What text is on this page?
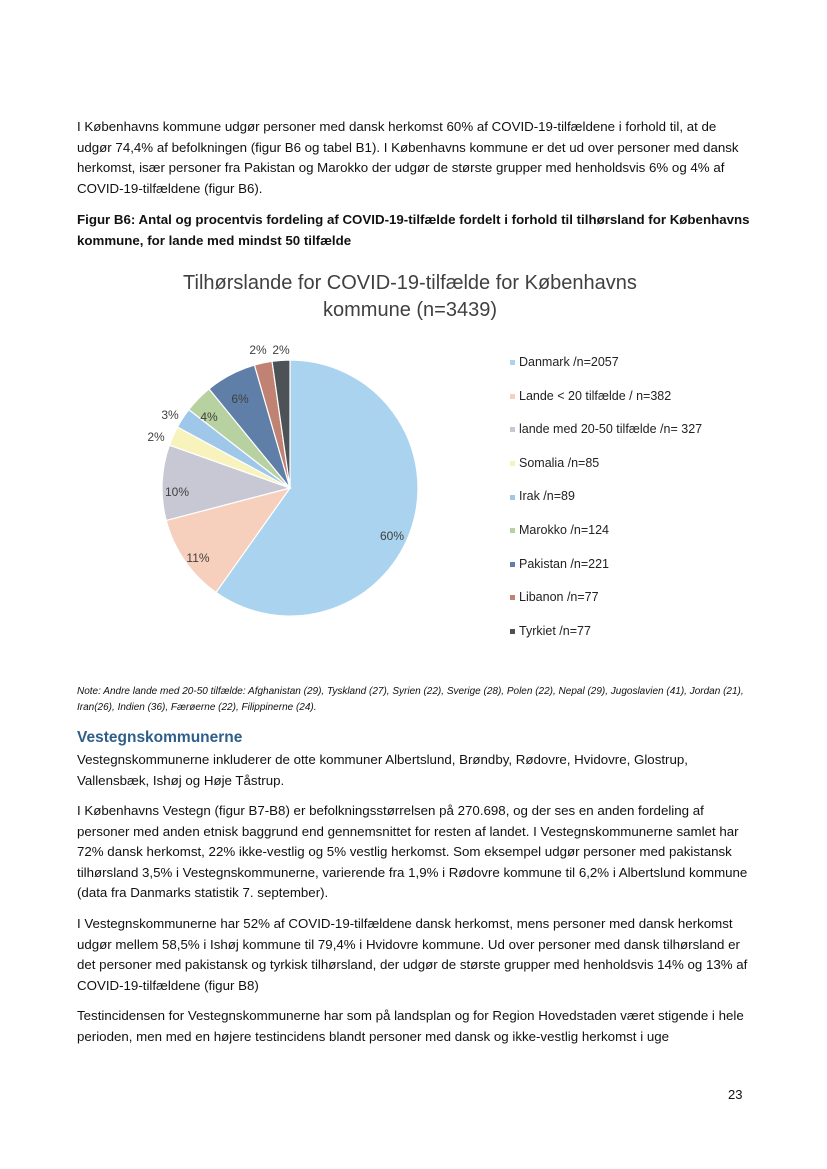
I Københavns kommune udgør personer med dansk herkomst 60% af COVID-19-tilfældene i forhold til, at de udgør 74,4% af befolkningen (figur B6 og tabel B1). I Københavns kommune er det ud over personer med dansk herkomst, især personer fra Pakistan og Marokko der udgør de største grupper med henholdsvis 6% og 4% af COVID-19-tilfældene (figur B6).

Figur B6: Antal og procentvis fordeling af COVID-19-tilfælde fordelt i forhold til tilhørsland for Københavns kommune, for lande med mindst 50 tilfælde

Tilhørslande for COVID-19-tilfælde for Københavns kommune (n=3439)
60%
11%
10%
2%
3% 4%
6%
2% 2%
Danmark /n=2057
Lande < 20 tilfælde / n=382
lande med 20-50 tilfælde /n= 327
Somalia /n=85
Irak /n=89
Marokko /n=124
Pakistan /n=221
Libanon /n=77
Tyrkiet /n=77

Note: Andre lande med 20-50 tilfælde: Afghanistan (29), Tyskland (27), Syrien (22), Sverige (28), Polen (22), Nepal (29), Jugoslavien (41), Jordan (21), Iran(26), Indien (36), Færøerne (22), Filippinerne (24).

Vestegnskommunerne

Vestegnskommunerne inkluderer de otte kommuner Albertslund, Brøndby, Rødovre, Hvidovre, Glostrup, Vallensbæk, Ishøj og Høje Tåstrup.

I Københavns Vestegn (figur B7-B8) er befolkningsstørrelsen på 270.698, og der ses en anden fordeling af personer med anden etnisk baggrund end gennemsnittet for resten af landet. I Vestegnskommunerne samlet har 72% dansk herkomst, 22% ikke-vestlig og 5% vestlig herkomst. Som eksempel udgør personer med pakistansk tilhørsland 3,5% i Vestegnskommunerne, varierende fra 1,9% i Rødovre kommune til 6,2% i Albertslund kommune (data fra Danmarks statistik 7. september).

I Vestegnskommunerne har 52% af COVID-19-tilfældene dansk herkomst, mens personer med dansk herkomst udgør mellem 58,5% i Ishøj kommune til 79,4% i Hvidovre kommune. Ud over personer med dansk tilhørsland er det personer med pakistansk og tyrkisk tilhørsland, der udgør de største grupper med henholdsvis 14% og 13% af COVID-19-tilfældene (figur B8)

Testincidensen for Vestegnskommunerne har som på landsplan og for Region Hovedstaden været stigende i hele perioden, men med en højere testincidens blandt personer med dansk og ikke-vestlig herkomst i uge

23
